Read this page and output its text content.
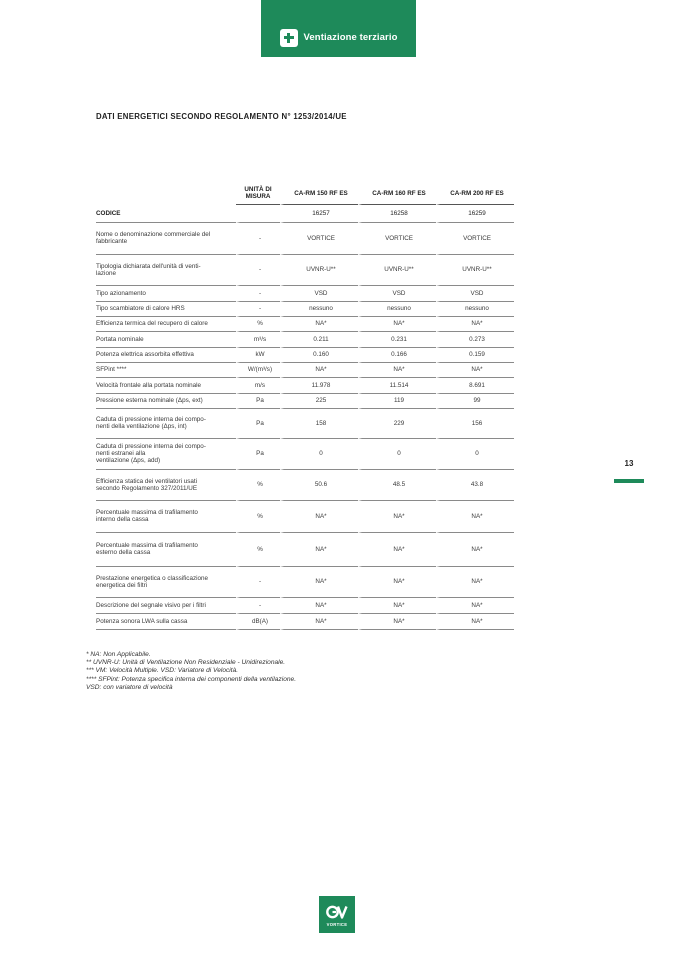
Ventiazione terziario
DATI ENERGETICI SECONDO REGOLAMENTO N° 1253/2014/UE

	UNITÀ DI
MISURA	CA-RM 150 RF ES	CA-RM 160 RF ES	CA-RM 200 RF ES

CODICE		16257	16258	16259

Nome o denominazione commerciale del
fabbricante	-	VORTICE	VORTICE	VORTICE

Tipologia dichiarata dell'unità di venti-
lazione	-	UVNR-U**	UVNR-U**	UVNR-U**

Tipo azionamento	-	VSD	VSD	VSD

Tipo scambiatore di calore HRS	-	nessuno	nessuno	nessuno

Efficienza termica del recupero di calore	%	NA*	NA*	NA*

Portata nominale	m³/s	0.211	0.231	0.273

Potenza elettrica assorbita effettiva	kW	0.160	0.166	0.159

SFPint ****	W/(m³/s)	NA*	NA*	NA*

Velocità frontale alla portata nominale	m/s	11.978	11.514	8.691

Pressione esterna nominale (Δps, ext)	Pa	225	119	99

Caduta di pressione interna dei compo-
nenti della ventilazione (Δps, int)	Pa	158	229	156

Caduta di pressione interna dei compo-
nenti estranei alla
ventilazione (Δps, add)	Pa	0	0	0

Efficienza statica dei ventilatori usati
secondo Regolamento 327/2011/UE	%	50.6	48.5	43.8

Percentuale massima di trafilamento
interno della cassa	%	NA*	NA*	NA*

Percentuale massima di trafilamento
esterno della cassa	%	NA*	NA*	NA*

Prestazione energetica o classificazione
energetica dei filtri	-	NA*	NA*	NA*

Descrizione del segnale visivo per i filtri	-	NA*	NA*	NA*

Potenza sonora LWA sulla cassa	dB(A)	NA*	NA*	NA*
13
* NA: Non Applicabile.
** UVNR-U: Unità di Ventilazione Non Residenziale - Unidirezionale.
*** VM: Velocità Multiple. VSD: Variatore di Velocità.
**** SFPint: Potenza specifica interna dei componenti della ventilazione.
VSD: con variatore di velocità
VORTICE
